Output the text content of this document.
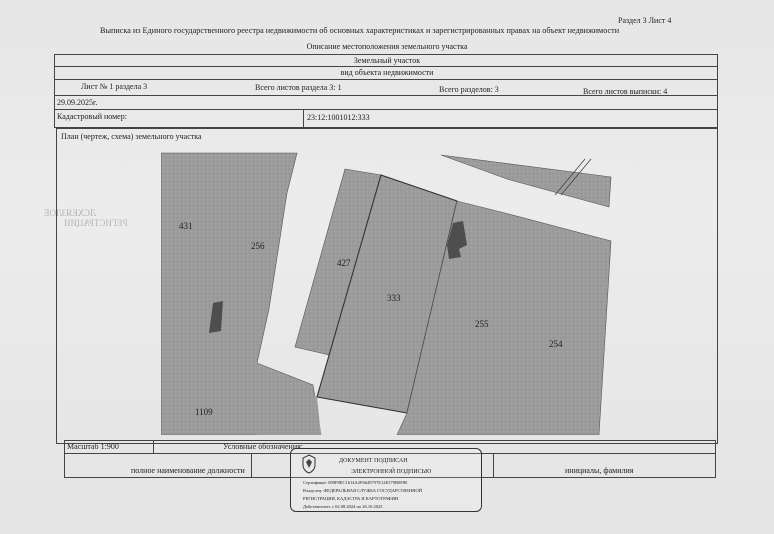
Раздел 3 Лист 4
Выписка из Единого государственного реестра недвижимости об основных характеристиках и зарегистрированных правах на объект недвижимости
Описание местоположения земельного участка
Земельный участок
вид объекта недвижимости
Лист № 1 раздела 3	Всего листов раздела 3: 1	Всего разделов: 3	Всего листов выписки: 4
29.09.2025г.
Кадастровый номер:	23:12:1001012:333
ЛСХЕЯЗЛОЕ
РЕГИСТРАЦИИ
План (чертеж, схема) земельного участка
431
256
427
333
255
254
1109
Масштаб 1:900	Условные обозначения:
полное наименование должности	инициалы, фамилия
ДОКУМЕНТ ПОДПИСАН
ЭЛЕКТРОННОЙ ПОДПИСЬЮ
Сертификат: 009F8ЕС1614А2F6649797Е12Е579В0F80
Владелец: ФЕДЕРАЛЬНАЯ СЛУЖБА ГОСУДАРСТВЕННОЙ
РЕГИСТРАЦИИ, КАДАСТРА И КАРТОГРАФИИ
Действителен: с 02.08.2024 по 26.10.2025
